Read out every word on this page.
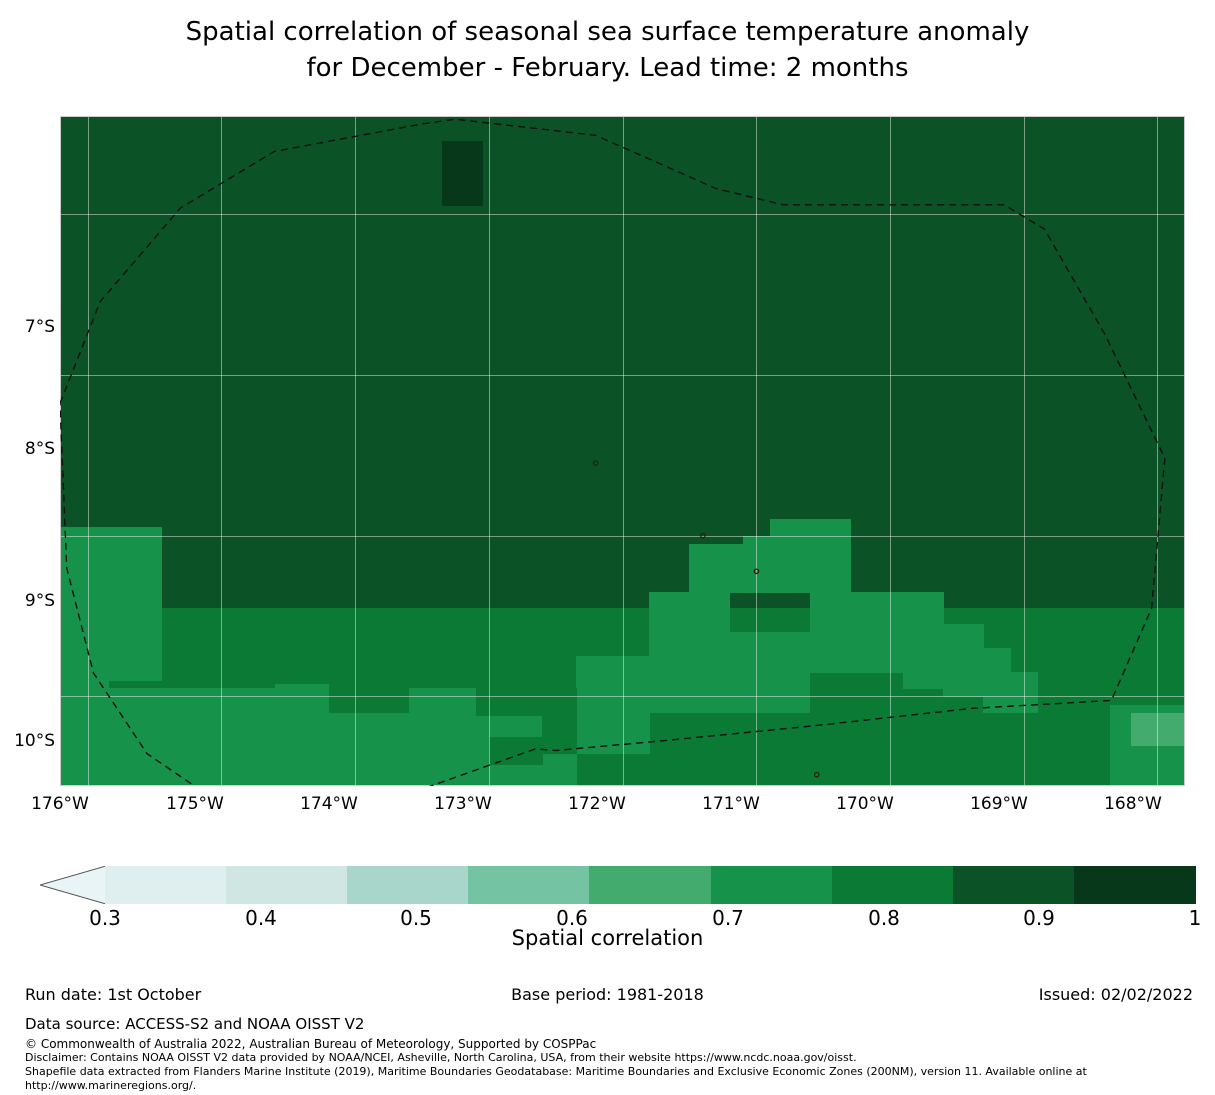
Spatial correlation of seasonal sea surface temperature anomaly
for December - February. Lead time: 2 months
7°S
8°S
9°S
10°S
176°W	175°W	174°W	173°W	172°W	171°W	170°W	169°W	168°W
0.3	0.4	0.5	0.6	0.7	0.8	0.9	1
Spatial correlation
Run date: 1st October	Base period: 1981-2018	Issued: 02/02/2022
Data source: ACCESS-S2 and NOAA OISST V2
© Commonwealth of Australia 2022, Australian Bureau of Meteorology, Supported by COSPPac
Disclaimer: Contains NOAA OISST V2 data provided by NOAA/NCEI, Asheville, North Carolina, USA, from their website https://www.ncdc.noaa.gov/oisst.
Shapefile data extracted from Flanders Marine Institute (2019), Maritime Boundaries Geodatabase: Maritime Boundaries and Exclusive Economic Zones (200NM), version 11. Available online at
http://www.marineregions.org/.
